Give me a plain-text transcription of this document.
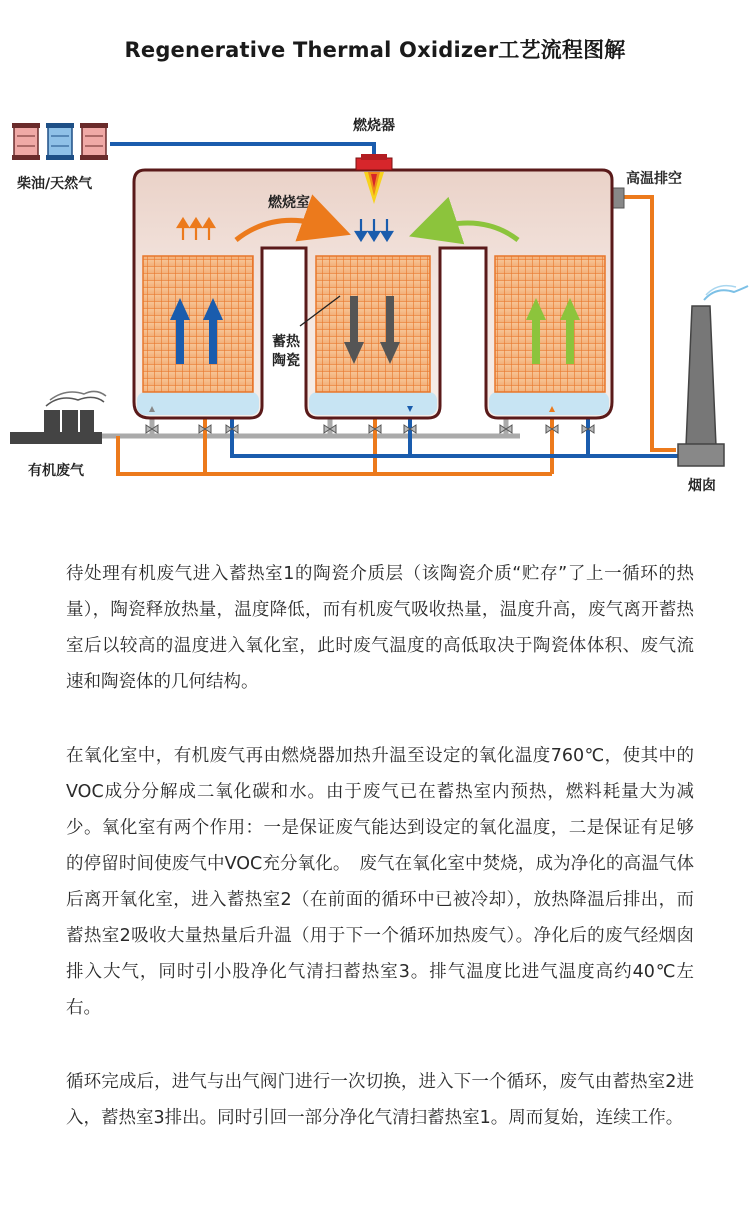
Regenerative Thermal Oxidizer工艺流程图解
柴油/天然气
燃烧器
高温排空
燃烧室
蓄热
陶瓷
有机废气
烟囱

待处理有机废气进入蓄热室1的陶瓷介质层（该陶瓷介质“贮存”了上一循环的热量），陶瓷释放热量，温度降低，而有机废气吸收热量，温度升高，废气离开蓄热室后以较高的温度进入氧化室，此时废气温度的高低取决于陶瓷体体积、废气流速和陶瓷体的几何结构。

在氧化室中，有机废气再由燃烧器加热升温至设定的氧化温度760℃，使其中的VOC成分分解成二氧化碳和水。由于废气已在蓄热室内预热，燃料耗量大为减少。氧化室有两个作用：一是保证废气能达到设定的氧化温度，二是保证有足够的停留时间使废气中VOC充分氧化。　废气在氧化室中焚烧，成为净化的高温气体后离开氧化室，进入蓄热室2（在前面的循环中已被冷却），放热降温后排出，而蓄热室2吸收大量热量后升温（用于下一个循环加热废气）。净化后的废气经烟囱排入大气，同时引小股净化气清扫蓄热室3。排气温度比进气温度高约40℃左右。

循环完成后，进气与出气阀门进行一次切换，进入下一个循环，废气由蓄热室2进入，蓄热室3排出。同时引回一部分净化气清扫蓄热室1。周而复始，连续工作。
